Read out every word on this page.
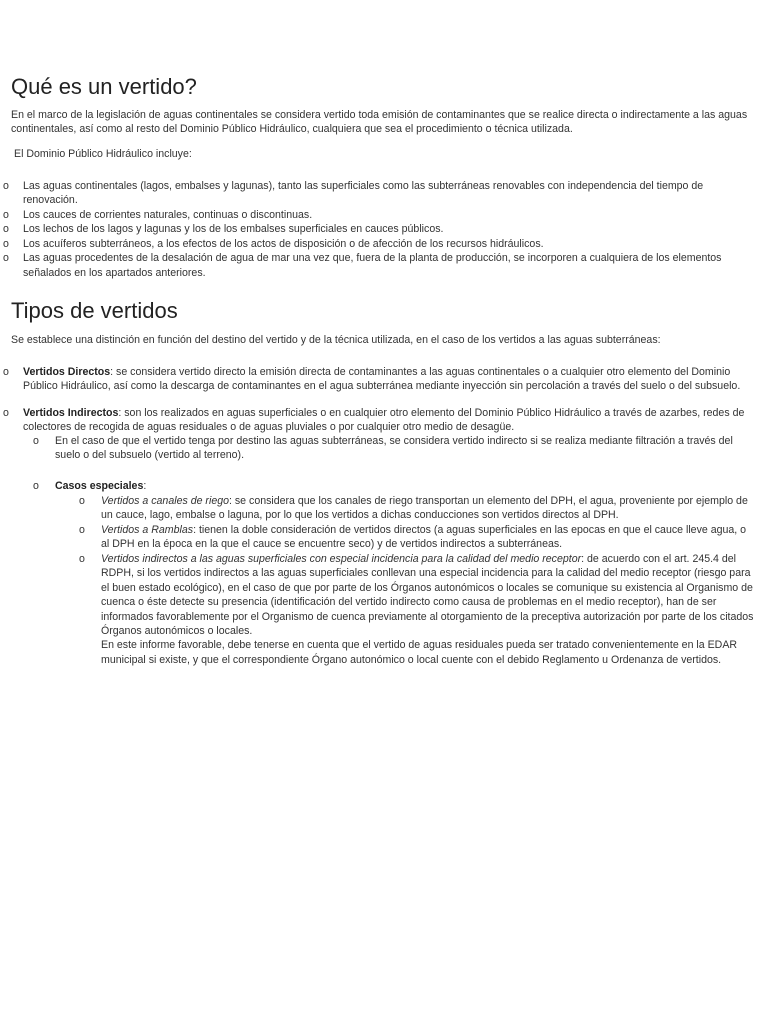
Qué es un vertido?

En el marco de la legislación de aguas continentales se considera vertido toda emisión de contaminantes que se realice directa o indirectamente a las aguas continentales, así como al resto del Dominio Público Hidráulico, cualquiera que sea el procedimiento o técnica utilizada.

El Dominio Público Hidráulico incluye:

o Las aguas continentales (lagos, embalses y lagunas), tanto las superficiales como las subterráneas renovables con independencia del tiempo de renovación.
o Los cauces de corrientes naturales, continuas o discontinuas.
o Los lechos de los lagos y lagunas y los de los embalses superficiales en cauces públicos.
o Los acuíferos subterráneos, a los efectos de los actos de disposición o de afección de los recursos hidráulicos.
o Las aguas procedentes de la desalación de agua de mar una vez que, fuera de la planta de producción, se incorporen a cualquiera de los elementos señalados en los apartados anteriores.
Tipos de vertidos

Se establece una distinción en función del destino del vertido y de la técnica utilizada, en el caso de los vertidos a las aguas subterráneas:

o Vertidos Directos: se considera vertido directo la emisión directa de contaminantes a las aguas continentales o a cualquier otro elemento del Dominio Público Hidráulico, así como la descarga de contaminantes en el agua subterránea mediante inyección sin percolación a través del suelo o del subsuelo.
o Vertidos Indirectos: son los realizados en aguas superficiales o en cualquier otro elemento del Dominio Público Hidráulico a través de azarbes, redes de colectores de recogida de aguas residuales o de aguas pluviales o por cualquier otro medio de desagüe.
o En el caso de que el vertido tenga por destino las aguas subterráneas, se considera vertido indirecto si se realiza mediante filtración a través del suelo o del subsuelo (vertido al terreno).
o Casos especiales:
o Vertidos a canales de riego: se considera que los canales de riego transportan un elemento del DPH, el agua, proveniente por ejemplo de un cauce, lago, embalse o laguna, por lo que los vertidos a dichas conducciones son vertidos directos al DPH.
o Vertidos a Ramblas: tienen la doble consideración de vertidos directos (a aguas superficiales en las epocas en que el cauce lleve agua, o al DPH en la época en la que el cauce se encuentre seco) y de vertidos indirectos a subterráneas.
o Vertidos indirectos a las aguas superficiales con especial incidencia para la calidad del medio receptor: de acuerdo con el art. 245.4 del RDPH, si los vertidos indirectos a las aguas superficiales conllevan una especial incidencia para la calidad del medio receptor (riesgo para el buen estado ecológico), en el caso de que por parte de los Órganos autonómicos o locales se comunique su existencia al Organismo de cuenca o éste detecte su presencia (identificación del vertido indirecto como causa de problemas en el medio receptor), han de ser informados favorablemente por el Organismo de cuenca previamente al otorgamiento de la preceptiva autorización por parte de los citados Órganos autonómicos o locales.
En este informe favorable, debe tenerse en cuenta que el vertido de aguas residuales pueda ser tratado convenientemente en la EDAR municipal si existe, y que el correspondiente Órgano autonómico o local cuente con el debido Reglamento u Ordenanza de vertidos.
